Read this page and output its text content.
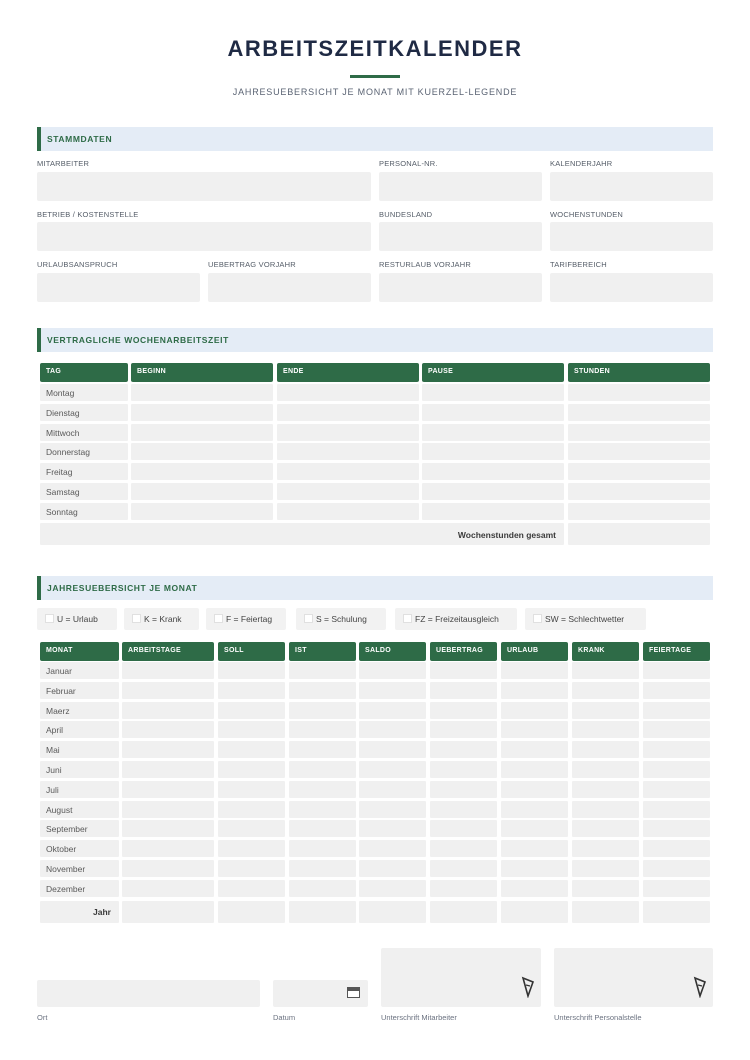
ARBEITSZEITKALENDER
JAHRESUEBERSICHT JE MONAT MIT KUERZEL-LEGENDE
STAMMDATEN
MITARBEITER	PERSONAL-NR.	KALENDERJAHR
BETRIEB / KOSTENSTELLE	BUNDESLAND	WOCHENSTUNDEN
URLAUBSANSPRUCH	UEBERTRAG VORJAHR	RESTURLAUB VORJAHR	TARIFBEREICH
VERTRAGLICHE WOCHENARBEITSZEIT
TAG	BEGINN	ENDE	PAUSE	STUNDEN
Montag
Dienstag
Mittwoch
Donnerstag
Freitag
Samstag
Sonntag
Wochenstunden gesamt
JAHRESUEBERSICHT JE MONAT
U = Urlaub	K = Krank	F = Feiertag	S = Schulung	FZ = Freizeitausgleich	SW = Schlechtwetter
MONAT	ARBEITSTAGE	SOLL	IST	SALDO	UEBERTRAG	URLAUB	KRANK	FEIERTAGE
Januar
Februar
Maerz
April
Mai
Juni
Juli
August
September
Oktober
November
Dezember
Jahr
Ort	Datum	Unterschrift Mitarbeiter	Unterschrift Personalstelle
